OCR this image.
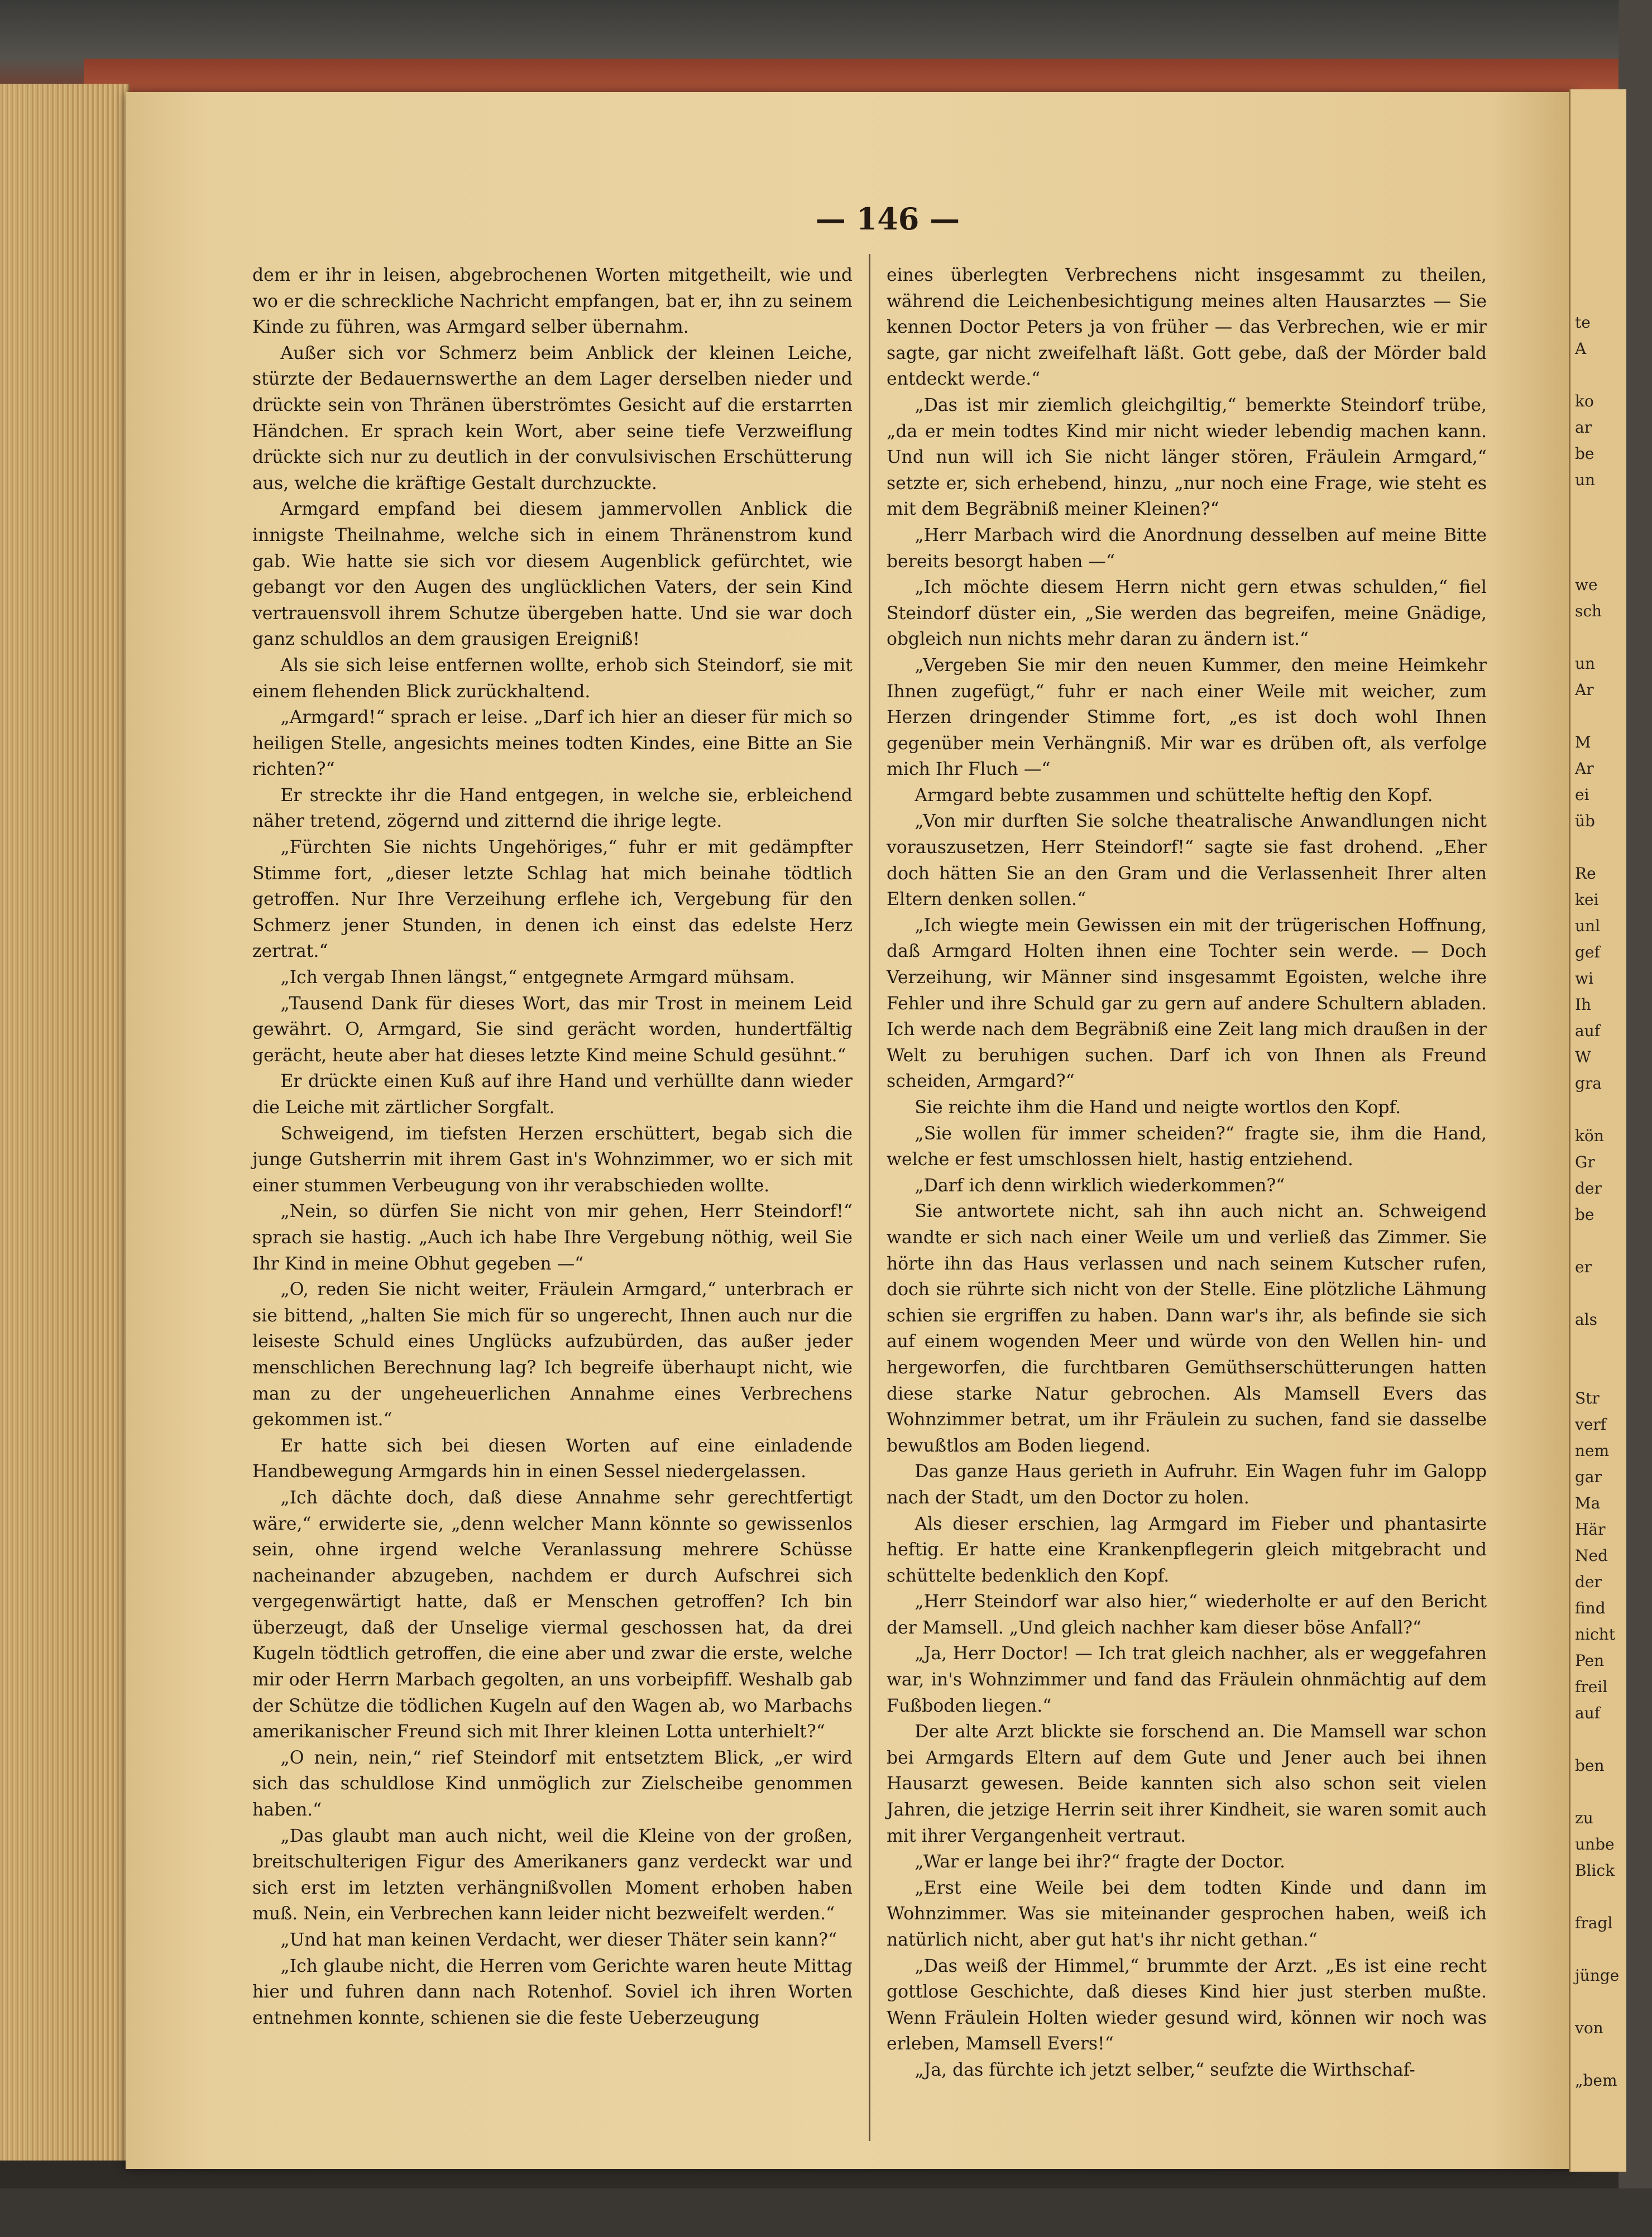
te
A

ko
ar
be
un

we
sch

un
Ar

M
Ar
ei
üb

Re
kei
unl
gef
wi
Ih
auf
W
gra

kön
Gr
der
be

er

als

Str
verf
nem
gar
Ma
Här
Ned
der
find
nicht
Pen
freil
auf

ben

zu
unbe
Blick

fragl

jünge

von

„bem
— 146 —

dem er ihr in leisen, abgebrochenen Worten mitgetheilt, wie und wo er die schreckliche Nachricht empfangen, bat er, ihn zu seinem Kinde zu führen, was Armgard selber übernahm.

Außer sich vor Schmerz beim Anblick der kleinen Leiche, stürzte der Bedauernswerthe an dem Lager derselben nieder und drückte sein von Thränen überströmtes Gesicht auf die erstarrten Händchen. Er sprach kein Wort, aber seine tiefe Verzweiflung drückte sich nur zu deutlich in der convulsivischen Erschütterung aus, welche die kräftige Gestalt durchzuckte.

Armgard empfand bei diesem jammervollen Anblick die innigste Theilnahme, welche sich in einem Thränenstrom kund gab. Wie hatte sie sich vor diesem Augenblick gefürchtet, wie gebangt vor den Augen des unglücklichen Vaters, der sein Kind vertrauensvoll ihrem Schutze übergeben hatte. Und sie war doch ganz schuldlos an dem grausigen Ereigniß!

Als sie sich leise entfernen wollte, erhob sich Steindorf, sie mit einem flehenden Blick zurückhaltend.

„Armgard!“ sprach er leise. „Darf ich hier an dieser für mich so heiligen Stelle, angesichts meines todten Kindes, eine Bitte an Sie richten?“

Er streckte ihr die Hand entgegen, in welche sie, erbleichend näher tretend, zögernd und zitternd die ihrige legte.

„Fürchten Sie nichts Ungehöriges,“ fuhr er mit gedämpfter Stimme fort, „dieser letzte Schlag hat mich beinahe tödtlich getroffen. Nur Ihre Verzeihung erflehe ich, Vergebung für den Schmerz jener Stunden, in denen ich einst das edelste Herz zertrat.“

„Ich vergab Ihnen längst,“ entgegnete Armgard mühsam.

„Tausend Dank für dieses Wort, das mir Trost in meinem Leid gewährt. O, Armgard, Sie sind gerächt worden, hundertfältig gerächt, heute aber hat dieses letzte Kind meine Schuld gesühnt.“

Er drückte einen Kuß auf ihre Hand und verhüllte dann wieder die Leiche mit zärtlicher Sorgfalt.

Schweigend, im tiefsten Herzen erschüttert, begab sich die junge Gutsherrin mit ihrem Gast in's Wohnzimmer, wo er sich mit einer stummen Verbeugung von ihr verabschieden wollte.

„Nein, so dürfen Sie nicht von mir gehen, Herr Steindorf!“ sprach sie hastig. „Auch ich habe Ihre Vergebung nöthig, weil Sie Ihr Kind in meine Obhut gegeben —“

„O, reden Sie nicht weiter, Fräulein Armgard,“ unterbrach er sie bittend, „halten Sie mich für so ungerecht, Ihnen auch nur die leiseste Schuld eines Unglücks aufzubürden, das außer jeder menschlichen Berechnung lag? Ich begreife überhaupt nicht, wie man zu der ungeheuerlichen Annahme eines Verbrechens gekommen ist.“

Er hatte sich bei diesen Worten auf eine einladende Handbewegung Armgards hin in einen Sessel niedergelassen.

„Ich dächte doch, daß diese Annahme sehr gerechtfertigt wäre,“ erwiderte sie, „denn welcher Mann könnte so gewissenlos sein, ohne irgend welche Veranlassung mehrere Schüsse nacheinander abzugeben, nachdem er durch Aufschrei sich vergegenwärtigt hatte, daß er Menschen getroffen? Ich bin überzeugt, daß der Unselige viermal geschossen hat, da drei Kugeln tödtlich getroffen, die eine aber und zwar die erste, welche mir oder Herrn Marbach gegolten, an uns vorbeipfiff. Weshalb gab der Schütze die tödlichen Kugeln auf den Wagen ab, wo Marbachs amerikanischer Freund sich mit Ihrer kleinen Lotta unterhielt?“

„O nein, nein,“ rief Steindorf mit entsetztem Blick, „er wird sich das schuldlose Kind unmöglich zur Zielscheibe genommen haben.“

„Das glaubt man auch nicht, weil die Kleine von der großen, breitschulterigen Figur des Amerikaners ganz verdeckt war und sich erst im letzten verhängnißvollen Moment erhoben haben muß. Nein, ein Verbrechen kann leider nicht bezweifelt werden.“

„Und hat man keinen Verdacht, wer dieser Thäter sein kann?“

„Ich glaube nicht, die Herren vom Gerichte waren heute Mittag hier und fuhren dann nach Rotenhof. Soviel ich ihren Worten entnehmen konnte, schienen sie die feste Ueberzeugung

eines überlegten Verbrechens nicht insgesammt zu theilen, während die Leichenbesichtigung meines alten Hausarztes — Sie kennen Doctor Peters ja von früher — das Verbrechen, wie er mir sagte, gar nicht zweifelhaft läßt. Gott gebe, daß der Mörder bald entdeckt werde.“

„Das ist mir ziemlich gleichgiltig,“ bemerkte Steindorf trübe, „da er mein todtes Kind mir nicht wieder lebendig machen kann. Und nun will ich Sie nicht länger stören, Fräulein Armgard,“ setzte er, sich erhebend, hinzu, „nur noch eine Frage, wie steht es mit dem Begräbniß meiner Kleinen?“

„Herr Marbach wird die Anordnung desselben auf meine Bitte bereits besorgt haben —“

„Ich möchte diesem Herrn nicht gern etwas schulden,“ fiel Steindorf düster ein, „Sie werden das begreifen, meine Gnädige, obgleich nun nichts mehr daran zu ändern ist.“

„Vergeben Sie mir den neuen Kummer, den meine Heimkehr Ihnen zugefügt,“ fuhr er nach einer Weile mit weicher, zum Herzen dringender Stimme fort, „es ist doch wohl Ihnen gegenüber mein Verhängniß. Mir war es drüben oft, als verfolge mich Ihr Fluch —“

Armgard bebte zusammen und schüttelte heftig den Kopf.

„Von mir durften Sie solche theatralische Anwandlungen nicht vorauszusetzen, Herr Steindorf!“ sagte sie fast drohend. „Eher doch hätten Sie an den Gram und die Verlassenheit Ihrer alten Eltern denken sollen.“

„Ich wiegte mein Gewissen ein mit der trügerischen Hoffnung, daß Armgard Holten ihnen eine Tochter sein werde. — Doch Verzeihung, wir Männer sind insgesammt Egoisten, welche ihre Fehler und ihre Schuld gar zu gern auf andere Schultern abladen. Ich werde nach dem Begräbniß eine Zeit lang mich draußen in der Welt zu beruhigen suchen. Darf ich von Ihnen als Freund scheiden, Armgard?“

Sie reichte ihm die Hand und neigte wortlos den Kopf.

„Sie wollen für immer scheiden?“ fragte sie, ihm die Hand, welche er fest umschlossen hielt, hastig entziehend.

„Darf ich denn wirklich wiederkommen?“

Sie antwortete nicht, sah ihn auch nicht an. Schweigend wandte er sich nach einer Weile um und verließ das Zimmer. Sie hörte ihn das Haus verlassen und nach seinem Kutscher rufen, doch sie rührte sich nicht von der Stelle. Eine plötzliche Lähmung schien sie ergriffen zu haben. Dann war's ihr, als befinde sie sich auf einem wogenden Meer und würde von den Wellen hin- und hergeworfen, die furchtbaren Gemüthserschütterungen hatten diese starke Natur gebrochen. Als Mamsell Evers das Wohnzimmer betrat, um ihr Fräulein zu suchen, fand sie dasselbe bewußtlos am Boden liegend.

Das ganze Haus gerieth in Aufruhr. Ein Wagen fuhr im Galopp nach der Stadt, um den Doctor zu holen.

Als dieser erschien, lag Armgard im Fieber und phantasirte heftig. Er hatte eine Krankenpflegerin gleich mitgebracht und schüttelte bedenklich den Kopf.

„Herr Steindorf war also hier,“ wiederholte er auf den Bericht der Mamsell. „Und gleich nachher kam dieser böse Anfall?“

„Ja, Herr Doctor! — Ich trat gleich nachher, als er weggefahren war, in's Wohnzimmer und fand das Fräulein ohnmächtig auf dem Fußboden liegen.“

Der alte Arzt blickte sie forschend an. Die Mamsell war schon bei Armgards Eltern auf dem Gute und Jener auch bei ihnen Hausarzt gewesen. Beide kannten sich also schon seit vielen Jahren, die jetzige Herrin seit ihrer Kindheit, sie waren somit auch mit ihrer Vergangenheit vertraut.

„War er lange bei ihr?“ fragte der Doctor.

„Erst eine Weile bei dem todten Kinde und dann im Wohnzimmer. Was sie miteinander gesprochen haben, weiß ich natürlich nicht, aber gut hat's ihr nicht gethan.“

„Das weiß der Himmel,“ brummte der Arzt. „Es ist eine recht gottlose Geschichte, daß dieses Kind hier just sterben mußte. Wenn Fräulein Holten wieder gesund wird, können wir noch was erleben, Mamsell Evers!“

„Ja, das fürchte ich jetzt selber,“ seufzte die Wirthschaf-
